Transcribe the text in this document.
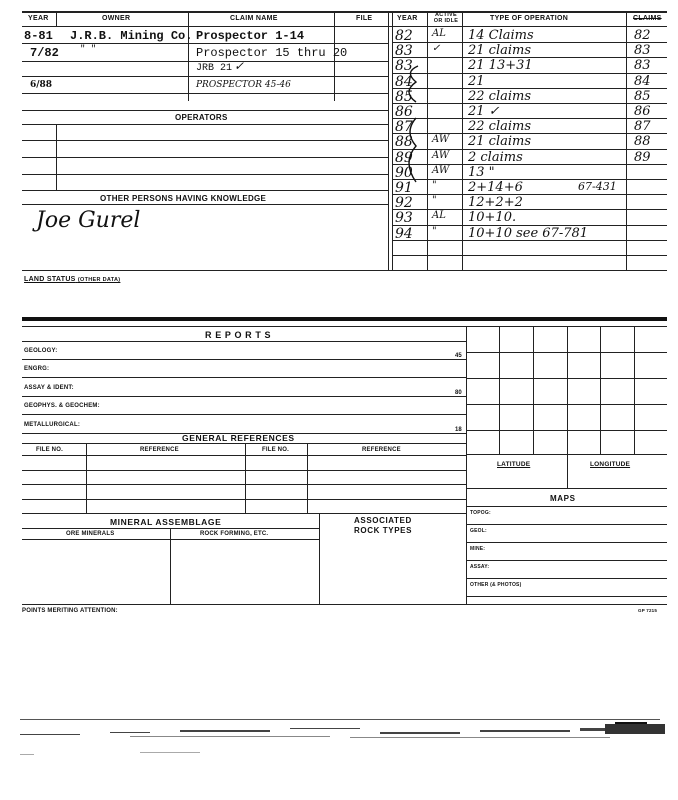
YEAR	OWNER	CLAIM NAME	FILE	YEAR	ACTIVE OR IDLE	TYPE OF OPERATION	CLAIMS
8-81 J.R.B. Mining Co. Prospector 1-14
7/82 " "	Prospector 15 thru 20
JRB 21 ✓
6/88	PROSPECTOR 45-46
OPERATORS
OTHER PERSONS HAVING KNOWLEDGE
Joe Gurel
82 AL 14 Claims	82
83 ✓ 21 claims	83
83	21 13+31	83
84	21	84
85	22 claims	85
86	21 ✓	86
87	22 claims	87
88 AW 21 claims	88
89 AW 2 claims	89
90 AW 13 "
91 " 2+14+6	67-431
92 " 12+2+2
93 AL 10+10.
94 " 10+10 see 67-781
LAND STATUS (OTHER DATA)
R E P O R T S
GEOLOGY:
45
ENGRG:
ASSAY & IDENT:
80
GEOPHYS. & GEOCHEM:
METALLURGICAL:
18
GENERAL REFERENCES
FILE NO.	REFERENCE	FILE NO.	REFERENCE
MINERAL ASSEMBLAGE	ASSOCIATED
ROCK TYPES
ORE MINERALS	ROCK FORMING, ETC.
LATITUDE	LONGITUDE
MAPS
TOPOG:
GEOL:
MINE:
ASSAY:
OTHER (& PHOTOS)
POINTS MERITING ATTENTION:	GP 7215
